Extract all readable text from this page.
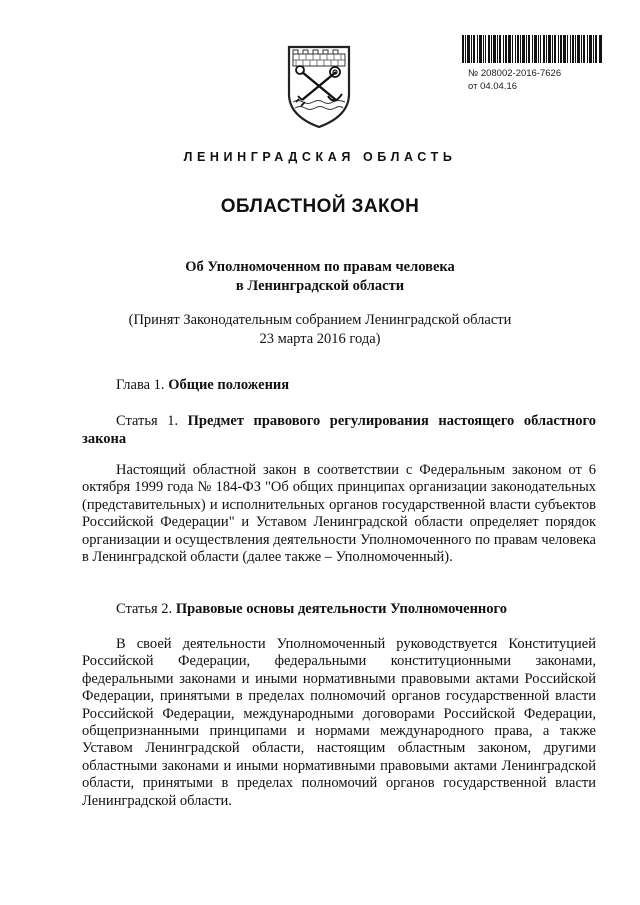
№ 208002-2016-7626
от 04.04.16
ЛЕНИНГРАДСКАЯ ОБЛАСТЬ
ОБЛАСТНОЙ ЗАКОН
Об Уполномоченном по правам человека
в Ленинградской области
(Принят Законодательным собранием Ленинградской области
23 марта 2016 года)
Глава 1. Общие положения
Статья 1. Предмет правового регулирования настоящего областного закона

Настоящий областной закон в соответствии с Федеральным законом от 6 октября 1999 года № 184-ФЗ "Об общих принципах организации законодательных (представительных) и исполнительных органов государственной власти субъектов Российской Федерации" и Уставом Ленинградской области определяет порядок организации и осуществления деятельности Уполномоченного по правам человека в Ленинградской области (далее также – Уполномоченный).

Статья 2. Правовые основы деятельности Уполномоченного

В своей деятельности Уполномоченный руководствуется Конституцией Российской Федерации, федеральными конституционными законами, федеральными законами и иными нормативными правовыми актами Российской Федерации, принятыми в пределах полномочий органов государственной власти Российской Федерации, международными договорами Российской Федерации, общепризнанными принципами и нормами международного права, а также Уставом Ленинградской области, настоящим областным законом, другими областными законами и иными нормативными правовыми актами Ленинградской области, принятыми в пределах полномочий органов государственной власти Ленинградской области.
